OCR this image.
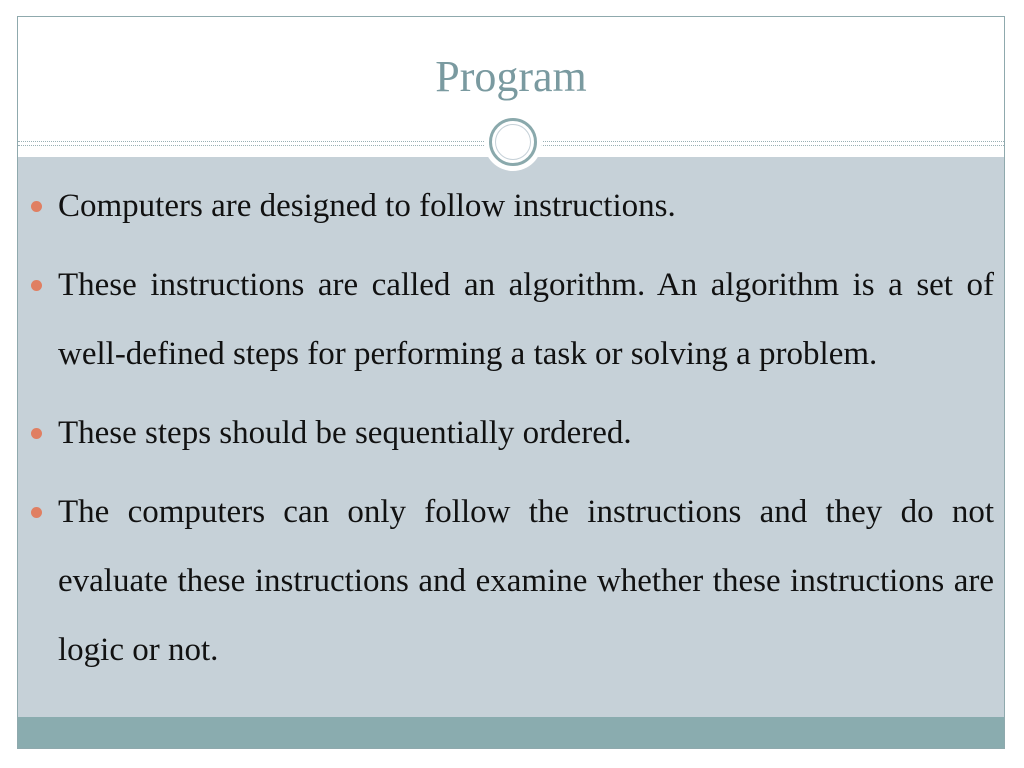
Program
Computers are designed to follow instructions.
These instructions are called an algorithm. An algorithm is a set of well-defined steps for performing a task or solving a problem.
These steps should be sequentially ordered.
The computers can only follow the instructions and they do not evaluate these instructions and examine whether these instructions are logic or not.
